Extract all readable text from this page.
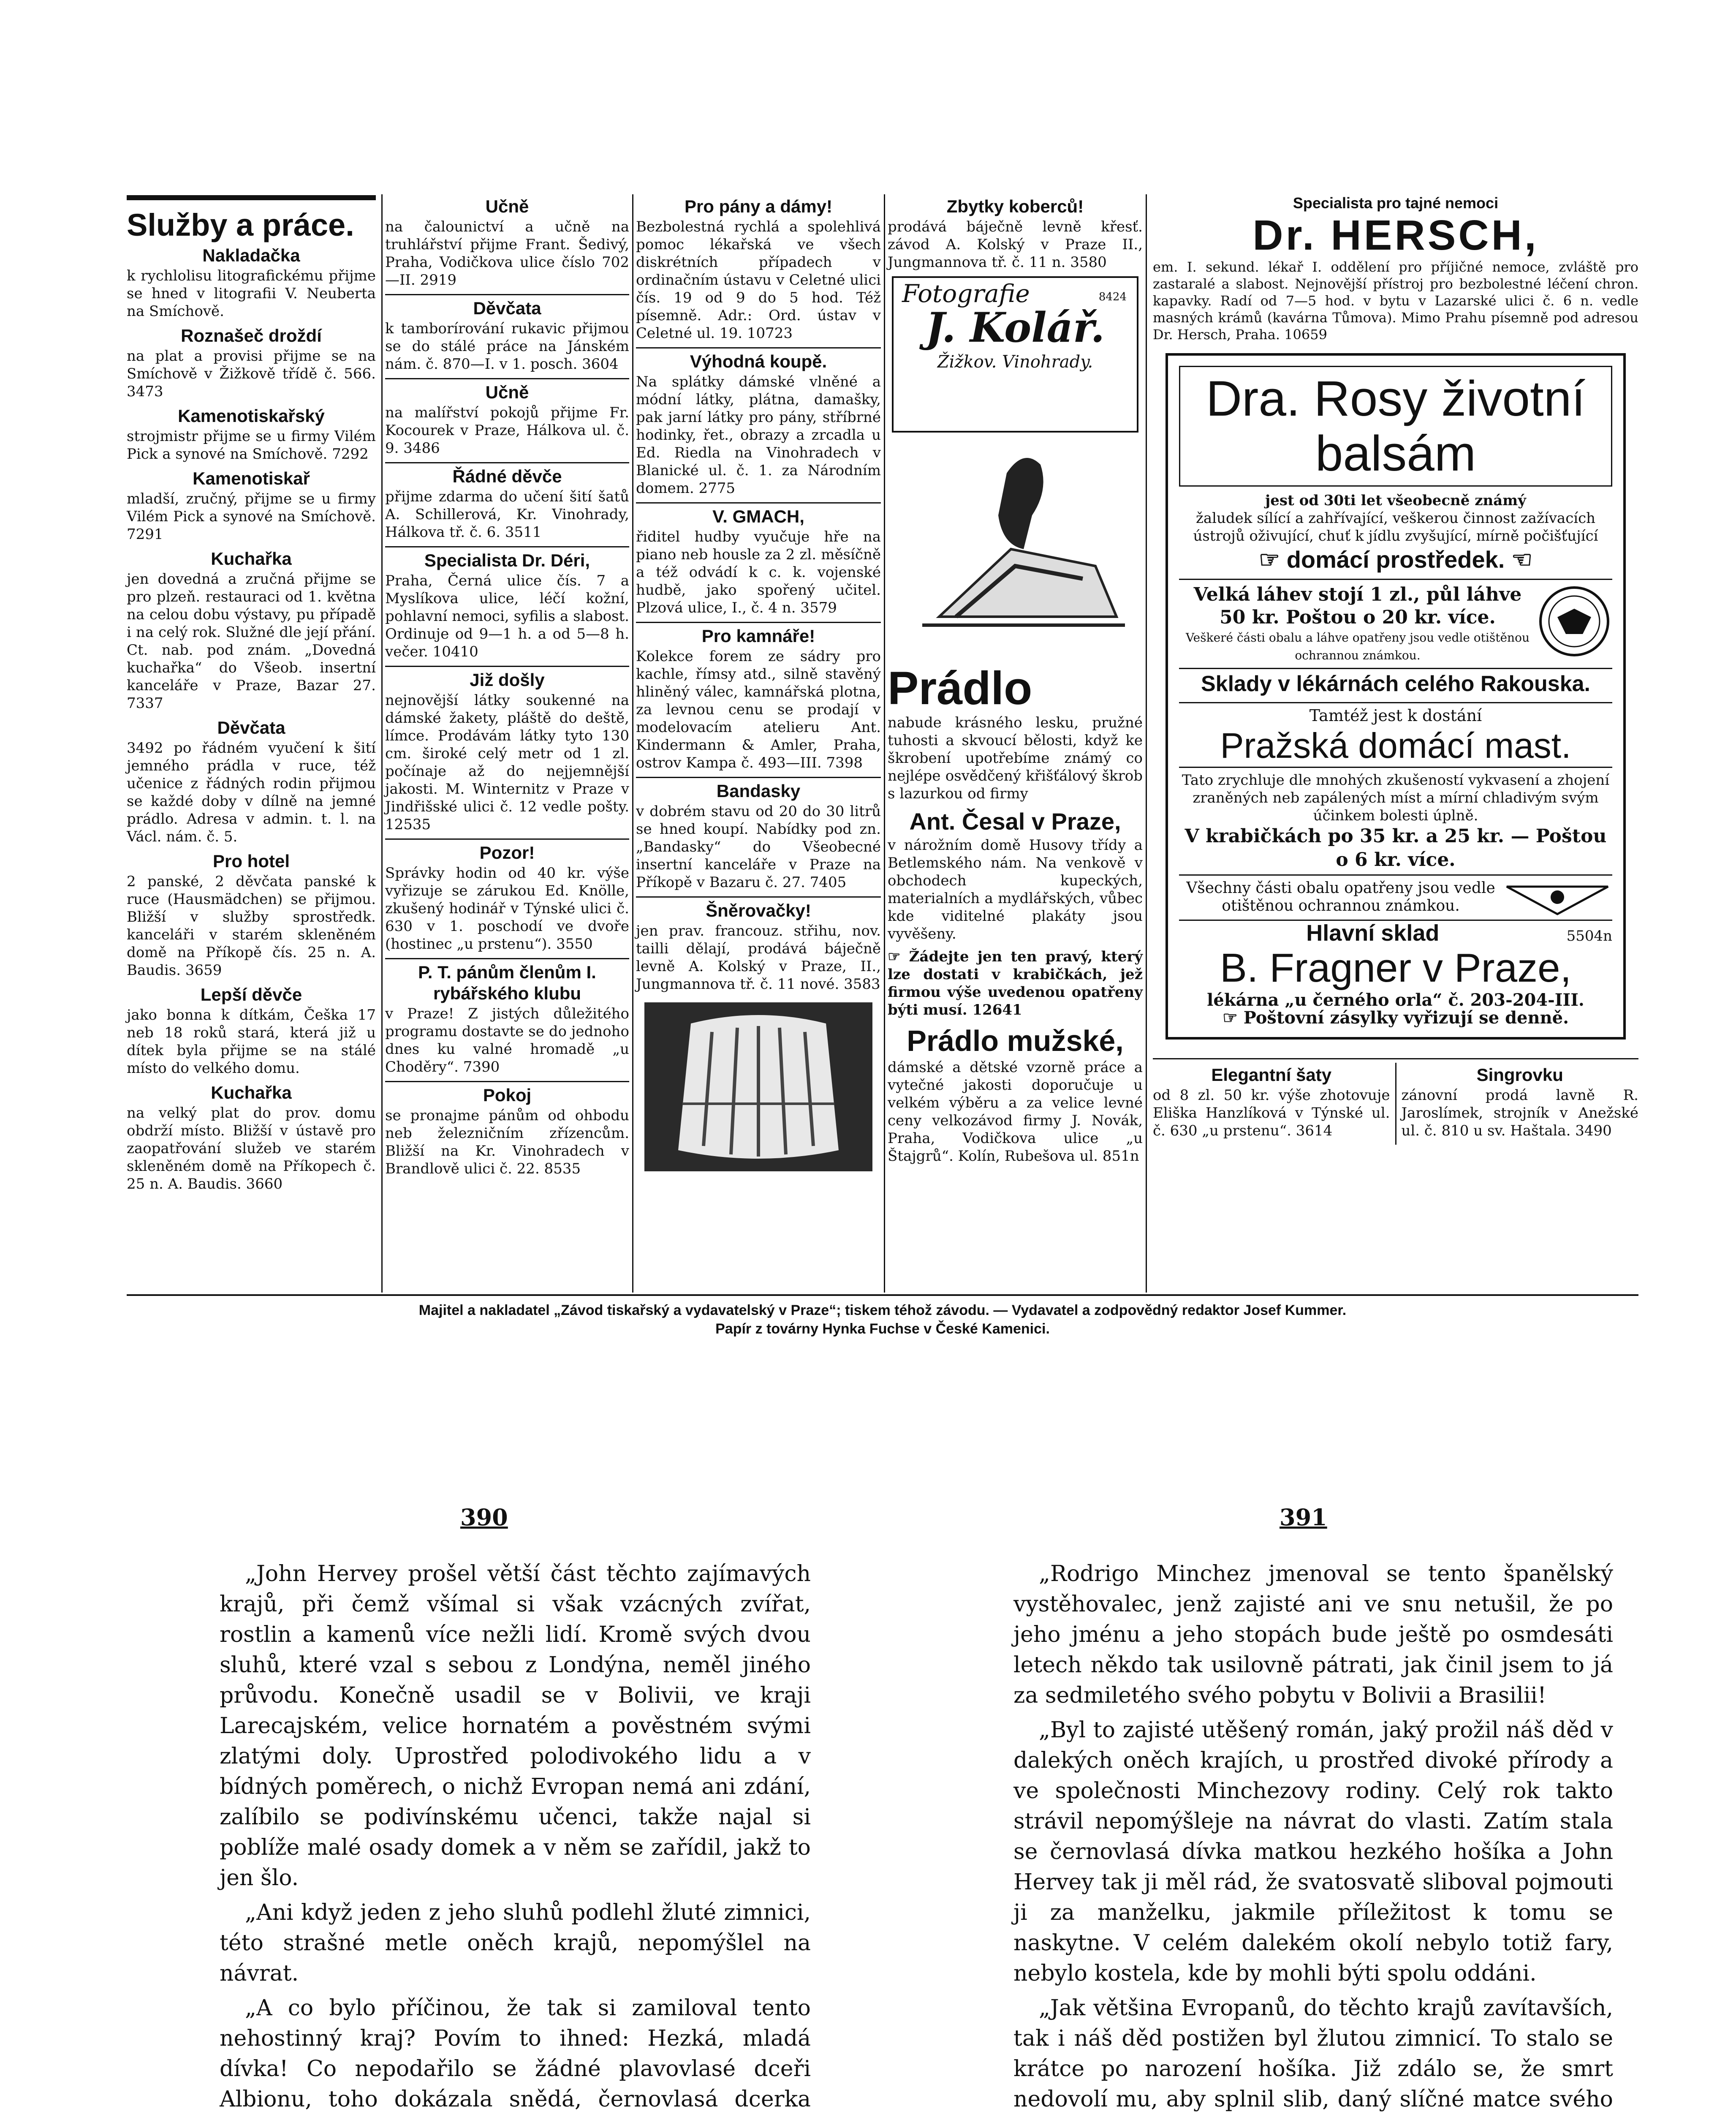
Služby a práce.
Nakladačka

k rychlolisu litografickému přijme se hned v litografii V. Neuberta na Smíchově.

Roznašeč droždí

na plat a provisi přijme se na Smíchově v Žižkově třídě č. 566. 3473

Kamenotiskařský

strojmistr přijme se u firmy Vilém Pick a synové na Smíchově. 7292

Kamenotiskař

mladší, zručný, přijme se u firmy Vilém Pick a synové na Smíchově. 7291

Kuchařka

jen dovedná a zručná přijme se pro plzeň. restauraci od 1. května na celou dobu výstavy, pu případě i na celý rok. Služné dle její přání. Ct. nab. pod znám. „Dovedná kuchařka“ do Všeob. insertní kanceláře v Praze, Bazar 27. 7337

Děvčata

3492 po řádném vyučení k šití jemného prádla v ruce, též učenice z řádných rodin přijmou se každé doby v dílně na jemné prádlo. Adresa v admin. t. l. na Václ. nám. č. 5.

Pro hotel

2 panské, 2 děvčata panské k ruce (Hausmädchen) se přijmou. Bližší v služby sprostředk. kanceláři v starém skleněném domě na Příkopě čís. 25 n. A. Baudis. 3659

Lepší děvče

jako bonna k dítkám, Češka 17 neb 18 roků stará, která již u dítek byla přijme se na stálé místo do velkého domu.

Kuchařka

na velký plat do prov. domu obdrží místo. Bližší v ústavě pro zaopatřování služeb ve starém skleněném domě na Příkopech č. 25 n. A. Baudis. 3660

Učně

na čalounictví a učně na truhlářství přijme Frant. Šedivý, Praha, Vodičkova ulice číslo 702—II. 2919

Děvčata

k tamborírování rukavic přijmou se do stálé práce na Jánském nám. č. 870—I. v 1. posch. 3604

Učně

na malířství pokojů přijme Fr. Kocourek v Praze, Hálkova ul. č. 9. 3486

Řádné děvče

přijme zdarma do učení šití šatů A. Schillerová, Kr. Vinohrady, Hálkova tř. č. 6. 3511

Specialista Dr. Déri,

Praha, Černá ulice čís. 7 a Myslíkova ulice, léčí kožní, pohlavní nemoci, syfilis a slabost. Ordinuje od 9—1 h. a od 5—8 h. večer. 10410

Již došly

nejnovější látky soukenné na dámské žakety, pláště do deště, límce. Prodávám látky tyto 130 cm. široké celý metr od 1 zl. počínaje až do nejjemnější jakosti. M. Winternitz v Praze v Jindřišské ulici č. 12 vedle pošty. 12535

Pozor!

Správky hodin od 40 kr. výše vyřizuje se zárukou Ed. Knölle, zkušený hodinář v Týnské ulici č. 630 v 1. poschodí ve dvoře (hostinec „u prstenu“). 3550

P. T. pánům členům I. rybářského klubu

v Praze! Z jistých důležitého programu dostavte se do jednoho dnes ku valné hromadě „u Choděry“. 7390

Pokoj

se pronajme pánům od ohbodu neb železničním zřízencům. Bližší na Kr. Vinohradech v Brandlově ulici č. 22. 8535

Pro pány a dámy!

Bezbolestná rychlá a spolehlivá pomoc lékařská ve všech diskrétních případech v ordinačním ústavu v Celetné ulici čís. 19 od 9 do 5 hod. Též písemně. Adr.: Ord. ústav v Celetné ul. 19. 10723

Výhodná koupě.

Na splátky dámské vlněné a módní látky, plátna, damašky, pak jarní látky pro pány, stříbrné hodinky, řet., obrazy a zrcadla u Ed. Riedla na Vinohradech v Blanické ul. č. 1. za Národním domem. 2775

V. GMACH,

řiditel hudby vyučuje hře na piano neb housle za 2 zl. měsíčně a též odvádí k c. k. vojenské hudbě, jako spořený učitel. Plzová ulice, I., č. 4 n. 3579

Pro kamnáře!

Kolekce forem ze sádry pro kachle, římsy atd., silně stavěný hliněný válec, kamnářská plotna, za levnou cenu se prodají v modelovacím atelieru Ant. Kindermann & Amler, Praha, ostrov Kampa č. 493—III. 7398

Bandasky

v dobrém stavu od 20 do 30 litrů se hned koupí. Nabídky pod zn. „Bandasky“ do Všeobecné insertní kanceláře v Praze na Příkopě v Bazaru č. 27. 7405

Šněrovačky!

jen prav. francouz. střihu, nov. tailli dělají, prodává báječně levně A. Kolský v Praze, II., Jungmannova tř. č. 11 nové. 3583

Zbytky koberců!

prodává báječně levně křesť. závod A. Kolský v Praze II., Jungmannova tř. č. 11 n. 3580

Fotografie	8424
J. Kolář.
Žižkov. Vinohrady.
Prádlo

nabude krásného lesku, pružné tuhosti a skvoucí bělosti, když ke škrobení upotřebíme známý co nejlépe osvědčený křišťálový škrob s lazurkou od firmy

Ant. Česal v Praze,

v nárožním domě Husovy třídy a Betlemského nám. Na venkově v obchodech kupeckých, materialních a mydlářských, vůbec kde viditelné plakáty jsou vyvěšeny.

☞ Žádejte jen ten pravý, který lze dostati v krabičkách, jež firmou výše uvedenou opatřeny býti musí. 12641

Prádlo mužské,

dámské a dětské vzorně práce a vytečné jakosti doporučuje u velkém výběru a za velice levné ceny velkozávod firmy J. Novák, Praha, Vodičkova ulice „u Štajgrů“. Kolín, Rubešova ul. 851n

Specialista pro tajné nemoci
Dr. HERSCH,

em. I. sekund. lékař I. oddělení pro příjičné nemoce, zvláště pro zastaralé a slabost. Nejnovější přístroj pro bezbolestné léčení chron. kapavky. Radí od 7—5 hod. v bytu v Lazarské ulici č. 6 n. vedle masných krámů (kavárna Tůmova). Mimo Prahu písemně pod adresou Dr. Hersch, Praha. 10659

Dra. Rosy životní balsám
jest od 30ti let všeobecně známý
žaludek sílící a zahřívající, veškerou činnost zažívacích ústrojů oživující, chuť k jídlu zvyšující, mírně počišťující
☞ domácí prostředek. ☜
Velká láhev stojí 1 zl., půl láhve 50 kr. Poštou o 20 kr. více.
Veškeré části obalu a láhve opatřeny jsou vedle otištěnou ochrannou známkou.
Sklady v lékárnách celého Rakouska.
Tamtéž jest k dostání
Pražská domácí mast.
Tato zrychluje dle mnohých zkušeností vykvasení a zhojení zraněných neb zapálených míst a mírní chladivým svým účinkem bolesti úplně.
V krabičkách po 35 kr. a 25 kr. — Poštou o 6 kr. více.
Všechny části obalu opatřeny jsou vedle otištěnou ochrannou známkou.
Hlavní sklad	5504n
B. Fragner v Praze,
lékárna „u černého orla“ č. 203-204-III.
☞ Poštovní zásylky vyřizují se denně.
Elegantní šaty

od 8 zl. 50 kr. výše zhotovuje Eliška Hanzlíková v Týnské ul. č. 630 „u prstenu“. 3614

Singrovku

zánovní prodá lavně R. Jaroslímek, strojník v Anežské ul. č. 810 u sv. Haštala. 3490

Majitel a nakladatel „Závod tiskařský a vydavatelský v Praze“; tiskem téhož závodu. — Vydavatel a zodpovědný redaktor Josef Kummer.
Papír z továrny Hynka Fuchse v České Kamenici.
390	391

„John Hervey prošel větší část těchto zajímavých krajů, při čemž všímal si však vzácných zvířat, rostlin a kamenů více nežli lidí. Kromě svých dvou sluhů, které vzal s sebou z Londýna, neměl jiného průvodu. Konečně usadil se v Bolivii, ve kraji Larecajském, velice hornatém a pověstném svými zlatými doly. Uprostřed polodivokého lidu a v bídných poměrech, o nichž Evropan nemá ani zdání, zalíbilo se podivínskému učenci, takže najal si poblíže malé osady domek a v něm se zařídil, jakž to jen šlo.

„Ani když jeden z jeho sluhů podlehl žluté zimnici, této strašné metle oněch krajů, nepomýšlel na návrat.

„A co bylo příčinou, že tak si zamiloval tento nehostinný kraj? Povím to ihned: Hezká, mladá dívka! Co nepodařilo se žádné plavovlasé dceři Albionu, toho dokázala snědá, černovlasá dcerka

„Rodrigo Minchez jmenoval se tento španělský vystěhovalec, jenž zajisté ani ve snu netušil, že po jeho jménu a jeho stopách bude ještě po osmdesáti letech někdo tak usilovně pátrati, jak činil jsem to já za sedmiletého svého pobytu v Bolivii a Brasilii!

„Byl to zajisté utěšený román, jaký prožil náš děd v dalekých oněch krajích, u prostřed divoké přírody a ve společnosti Minchezovy rodiny. Celý rok takto strávil nepomýšleje na návrat do vlasti. Zatím stala se černovlasá dívka matkou hezkého hošíka a John Hervey tak ji měl rád, že svatosvatě sliboval pojmouti ji za manželku, jakmile příležitost k tomu se naskytne. V celém dalekém okolí nebylo totiž fary, nebylo kostela, kde by mohli býti spolu oddáni.

„Jak většina Evropanů, do těchto krajů zavítavších, tak i náš děd postižen byl žlutou zimnicí. To stalo se krátce po narození hošíka. Již zdálo se, že smrt nedovolí mu, aby splnil slib, daný slíčné matce svého
